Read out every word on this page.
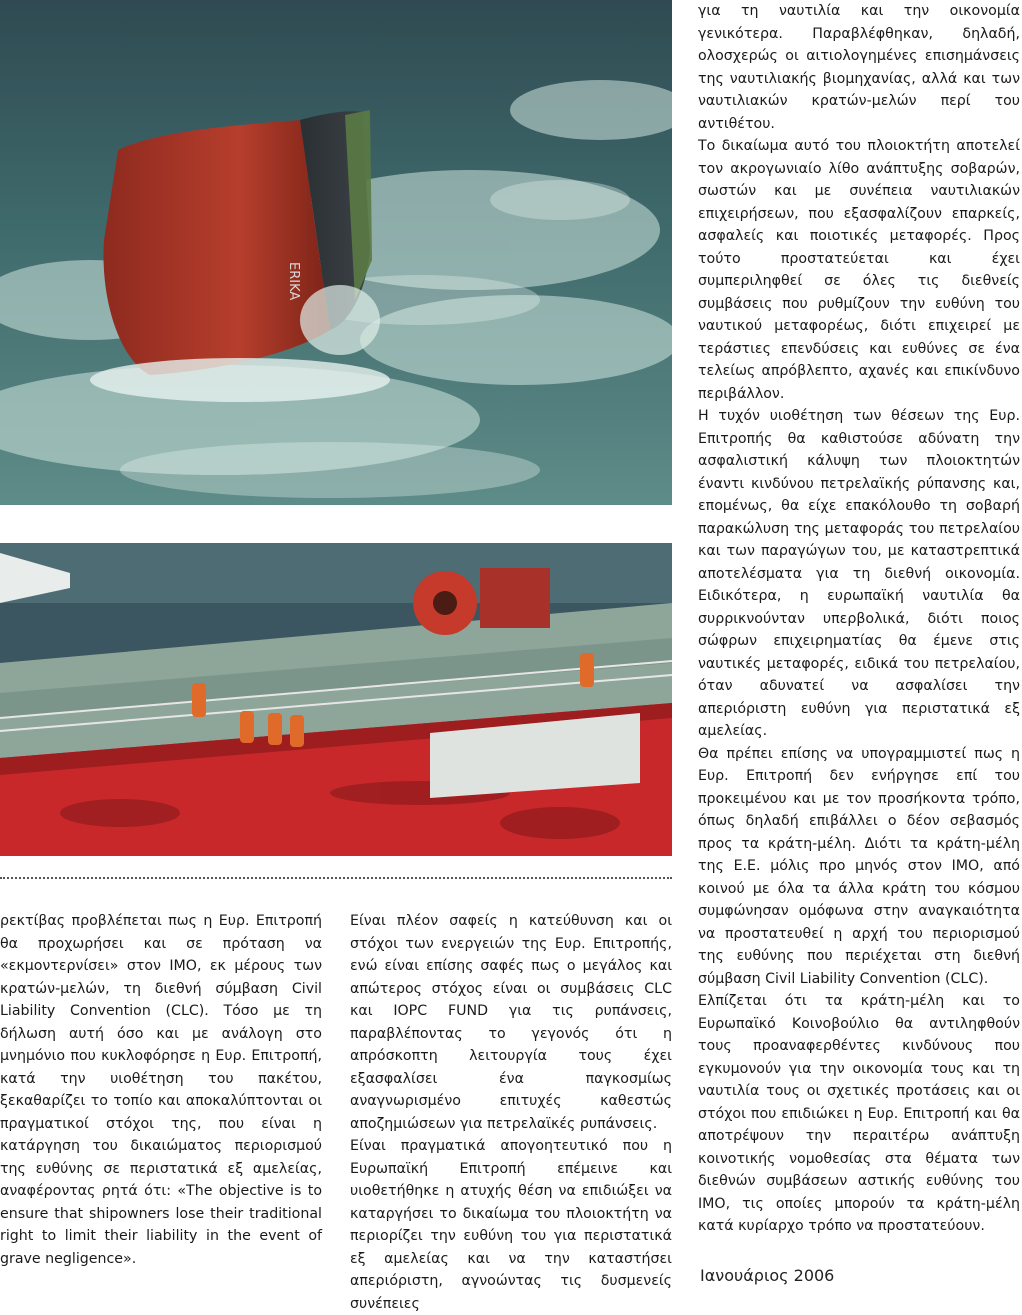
ERIKA

ρεκτίβας προβλέπεται πως η Ευρ. Επιτροπή θα προχωρήσει και σε πρόταση να «εκμοντερνίσει» στον ΙΜΟ, εκ μέρους των κρατών-μελών, τη διεθνή σύμβαση Civil Liability Convention (CLC). Τόσο με τη δήλωση αυτή όσο και με ανάλογη στο μνημόνιο που κυκλοφόρησε η Ευρ. Επιτροπή, κατά την υιοθέτηση του πακέτου, ξεκαθαρίζει το τοπίο και αποκαλύπτονται οι πραγματικοί στόχοι της, που είναι η κατάργηση του δικαιώματος περιορισμού της ευθύνης σε περιστατικά εξ αμελείας, αναφέροντας ρητά ότι: «The objective is to ensure that shipowners lose their traditional right to limit their liability in the event of grave negligence».

Είναι πλέον σαφείς η κατεύθυνση και οι στόχοι των ενεργειών της Ευρ. Επιτροπής, ενώ είναι επίσης σαφές πως ο μεγάλος και απώτερος στόχος είναι οι συμβάσεις CLC και IOPC FUND για τις ρυπάνσεις, παραβλέποντας το γεγονός ότι η απρόσκοπτη λειτουργία τους έχει εξασφαλίσει ένα παγκοσμίως αναγνωρισμένο επιτυχές καθεστώς αποζημιώσεων για πετρελαϊκές ρυπάνσεις.

Είναι πραγματικά απογοητευτικό που η Ευρωπαϊκή Επιτροπή επέμεινε και υιοθετήθηκε η ατυχής θέση να επιδιώξει να καταργήσει το δικαίωμα του πλοιοκτήτη να περιορίζει την ευθύνη του για περιστατικά εξ αμελείας και να την καταστήσει απεριόριστη, αγνοώντας τις δυσμενείς συνέπειες

για τη ναυτιλία και την οικονομία γενικότερα. Παραβλέφθηκαν, δηλαδή, ολοσχερώς οι αιτιολογημένες επισημάνσεις της ναυτιλιακής βιομηχανίας, αλλά και των ναυτιλιακών κρατών-μελών περί του αντιθέτου.

Το δικαίωμα αυτό του πλοιοκτήτη αποτελεί τον ακρογωνιαίο λίθο ανάπτυξης σοβαρών, σωστών και με συνέπεια ναυτιλιακών επιχειρήσεων, που εξασφαλίζουν επαρκείς, ασφαλείς και ποιοτικές μεταφορές. Προς τούτο προστατεύεται και έχει συμπεριληφθεί σε όλες τις διεθνείς συμβάσεις που ρυθμίζουν την ευθύνη του ναυτικού μεταφορέως, διότι επιχειρεί με τεράστιες επενδύσεις και ευθύνες σε ένα τελείως απρόβλεπτο, αχανές και επικίνδυνο περιβάλλον.

Η τυχόν υιοθέτηση των θέσεων της Ευρ. Επιτροπής θα καθιστούσε αδύνατη την ασφαλιστική κάλυψη των πλοιοκτητών έναντι κινδύνου πετρελαϊκής ρύπανσης και, επομένως, θα είχε επακόλουθο τη σοβαρή παρακώλυση της μεταφοράς του πετρελαίου και των παραγώγων του, με καταστρεπτικά αποτελέσματα για τη διεθνή οικονομία. Ειδικότερα, η ευρωπαϊκή ναυτιλία θα συρρικνούνταν υπερβολικά, διότι ποιος σώφρων επιχειρηματίας θα έμενε στις ναυτικές μεταφορές, ειδικά του πετρελαίου, όταν αδυνατεί να ασφαλίσει την απεριόριστη ευθύνη για περιστατικά εξ αμελείας.

Θα πρέπει επίσης να υπογραμμιστεί πως η Ευρ. Επιτροπή δεν ενήργησε επί του προκειμένου και με τον προσήκοντα τρόπο, όπως δηλαδή επιβάλλει ο δέον σεβασμός προς τα κράτη-μέλη. Διότι τα κράτη-μέλη της Ε.Ε. μόλις προ μηνός στον ΙΜΟ, από κοινού με όλα τα άλλα κράτη του κόσμου συμφώνησαν ομόφωνα στην αναγκαιότητα να προστατευθεί η αρχή του περιορισμού της ευθύνης που περιέχεται στη διεθνή σύμβαση Civil Liability Convention (CLC).

Ελπίζεται ότι τα κράτη-μέλη και το Ευρωπαϊκό Κοινοβούλιο θα αντιληφθούν τους προαναφερθέντες κινδύνους που εγκυμονούν για την οικονομία τους και τη ναυτιλία τους οι σχετικές προτάσεις και οι στόχοι που επιδιώκει η Ευρ. Επιτροπή και θα αποτρέψουν την περαιτέρω ανάπτυξη κοινοτικής νομοθεσίας στα θέματα των διεθνών συμβάσεων αστικής ευθύνης του ΙΜΟ, τις οποίες μπορούν τα κράτη-μέλη κατά κυρίαρχο τρόπο να προστατεύουν.

Ιανουάριος 2006
